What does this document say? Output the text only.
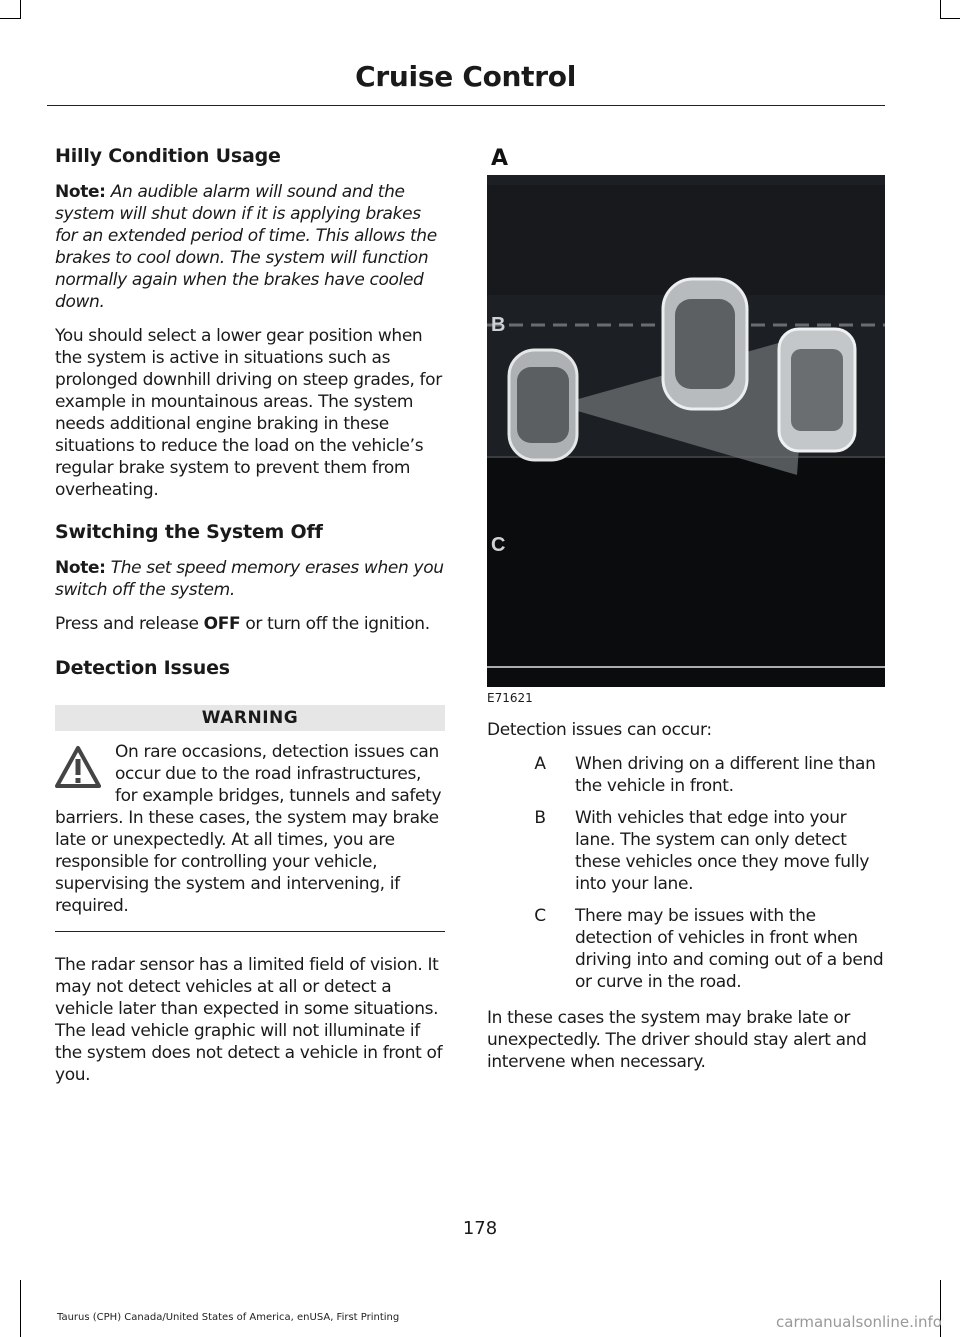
Cruise Control
Hilly Condition Usage

Note: An audible alarm will sound and the system will shut down if it is applying brakes for an extended period of time. This allows the brakes to cool down. The system will function normally again when the brakes have cooled down.

You should select a lower gear position when the system is active in situations such as prolonged downhill driving on steep grades, for example in mountainous areas. The system needs additional engine braking in these situations to reduce the load on the vehicle’s regular brake system to prevent them from overheating.

Switching the System Off

Note: The set speed memory erases when you switch off the system.

Press and release OFF or turn off the ignition.

Detection Issues
WARNING
On rare occasions, detection issues can occur due to the road infrastructures, for example bridges, tunnels and safety barriers. In these cases, the system may brake late or unexpectedly. At all times, you are responsible for controlling your vehicle, supervising the system and intervening, if required.

The radar sensor has a limited field of vision. It may not detect vehicles at all or detect a vehicle later than expected in some situations. The lead vehicle graphic will not illuminate if the system does not detect a vehicle in front of you.

A
B
C
E71621

Detection issues can occur:

A	When driving on a different line than the vehicle in front.
B	With vehicles that edge into your lane. The system can only detect these vehicles once they move fully into your lane.
C	There may be issues with the detection of vehicles in front when driving into and coming out of a bend or curve in the road.

In these cases the system may brake late or unexpectedly. The driver should stay alert and intervene when necessary.

178
Taurus (CPH) Canada/United States of America, enUSA, First Printing	carmanualsonline.info
